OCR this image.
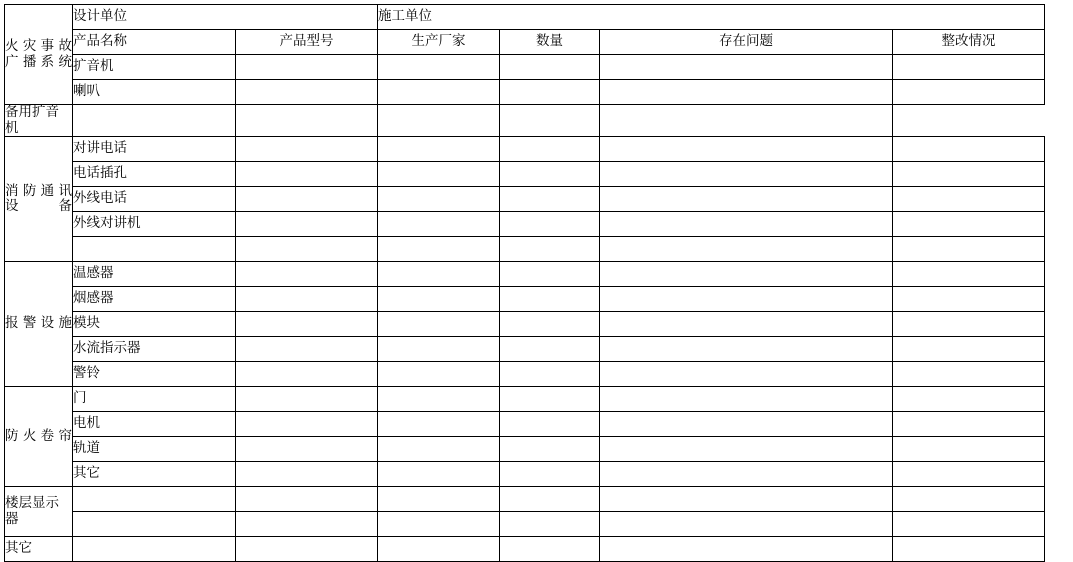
火灾事故广播系统	设计单位		施工单位			
	产品名称	产品型号	生产厂家	数量	存在问题	整改情况
	扩音机					
	喇叭					
备用扩音机						

消防通讯设备	对讲电话					
	电话插孔					
	外线电话					
	外线对讲机					

报警设施	温感器					
	烟感器					
	模块					
	水流指示器					
	警铃					

防火卷帘	门					
	电机					
	轨道					
	其它					

楼层显示器						

其它						
